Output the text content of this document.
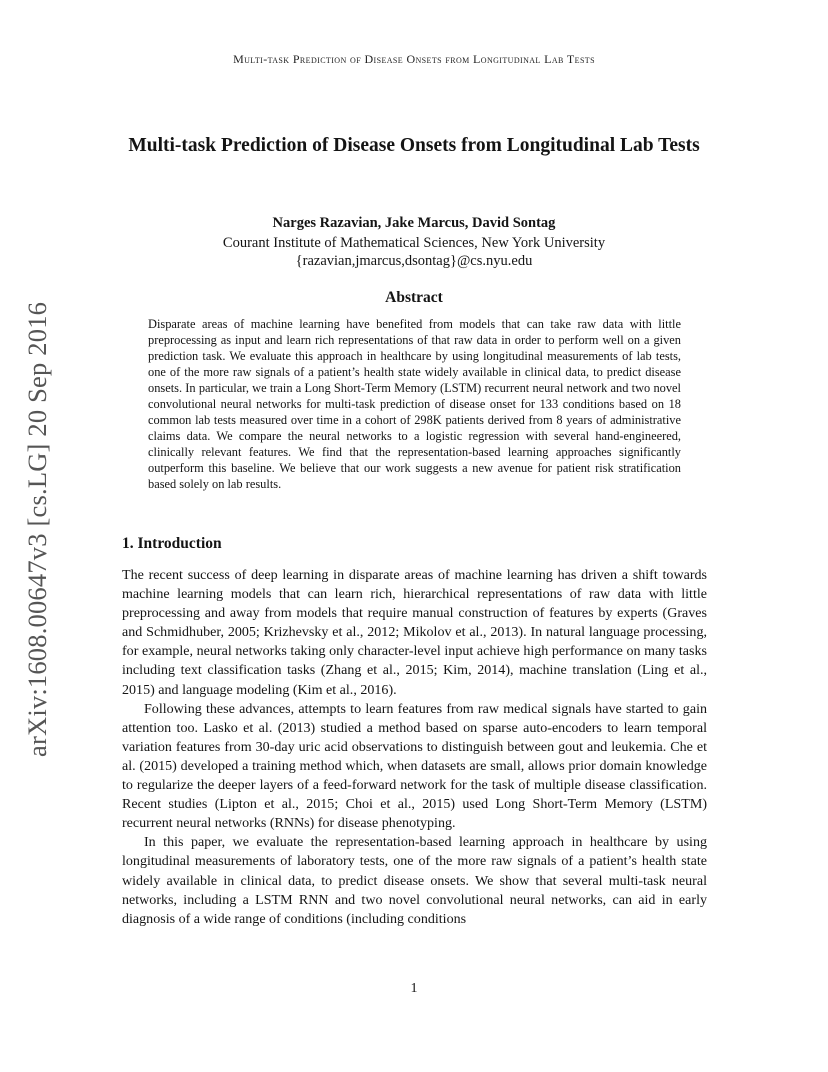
Multi-task Prediction of Disease Onsets from Longitudinal Lab Tests
arXiv:1608.00647v3 [cs.LG] 20 Sep 2016
Multi-task Prediction of Disease Onsets from Longitudinal Lab Tests
Narges Razavian, Jake Marcus, David Sontag
Courant Institute of Mathematical Sciences, New York University
{razavian,jmarcus,dsontag}@cs.nyu.edu
Abstract
Disparate areas of machine learning have benefited from models that can take raw data with little preprocessing as input and learn rich representations of that raw data in order to perform well on a given prediction task. We evaluate this approach in healthcare by using longitudinal measurements of lab tests, one of the more raw signals of a patient’s health state widely available in clinical data, to predict disease onsets. In particular, we train a Long Short-Term Memory (LSTM) recurrent neural network and two novel convolutional neural networks for multi-task prediction of disease onset for 133 conditions based on 18 common lab tests measured over time in a cohort of 298K patients derived from 8 years of administrative claims data. We compare the neural networks to a logistic regression with several hand-engineered, clinically relevant features. We find that the representation-based learning approaches significantly outperform this baseline. We believe that our work suggests a new avenue for patient risk stratification based solely on lab results.
1. Introduction

The recent success of deep learning in disparate areas of machine learning has driven a shift towards machine learning models that can learn rich, hierarchical representations of raw data with little preprocessing and away from models that require manual construction of features by experts (Graves and Schmidhuber, 2005; Krizhevsky et al., 2012; Mikolov et al., 2013). In natural language processing, for example, neural networks taking only character-level input achieve high performance on many tasks including text classification tasks (Zhang et al., 2015; Kim, 2014), machine translation (Ling et al., 2015) and language modeling (Kim et al., 2016).

Following these advances, attempts to learn features from raw medical signals have started to gain attention too. Lasko et al. (2013) studied a method based on sparse auto-encoders to learn temporal variation features from 30-day uric acid observations to distinguish between gout and leukemia. Che et al. (2015) developed a training method which, when datasets are small, allows prior domain knowledge to regularize the deeper layers of a feed-forward network for the task of multiple disease classification. Recent studies (Lipton et al., 2015; Choi et al., 2015) used Long Short-Term Memory (LSTM) recurrent neural networks (RNNs) for disease phenotyping.

In this paper, we evaluate the representation-based learning approach in healthcare by using longitudinal measurements of laboratory tests, one of the more raw signals of a patient’s health state widely available in clinical data, to predict disease onsets. We show that several multi-task neural networks, including a LSTM RNN and two novel convolutional neural networks, can aid in early diagnosis of a wide range of conditions (including conditions

1
